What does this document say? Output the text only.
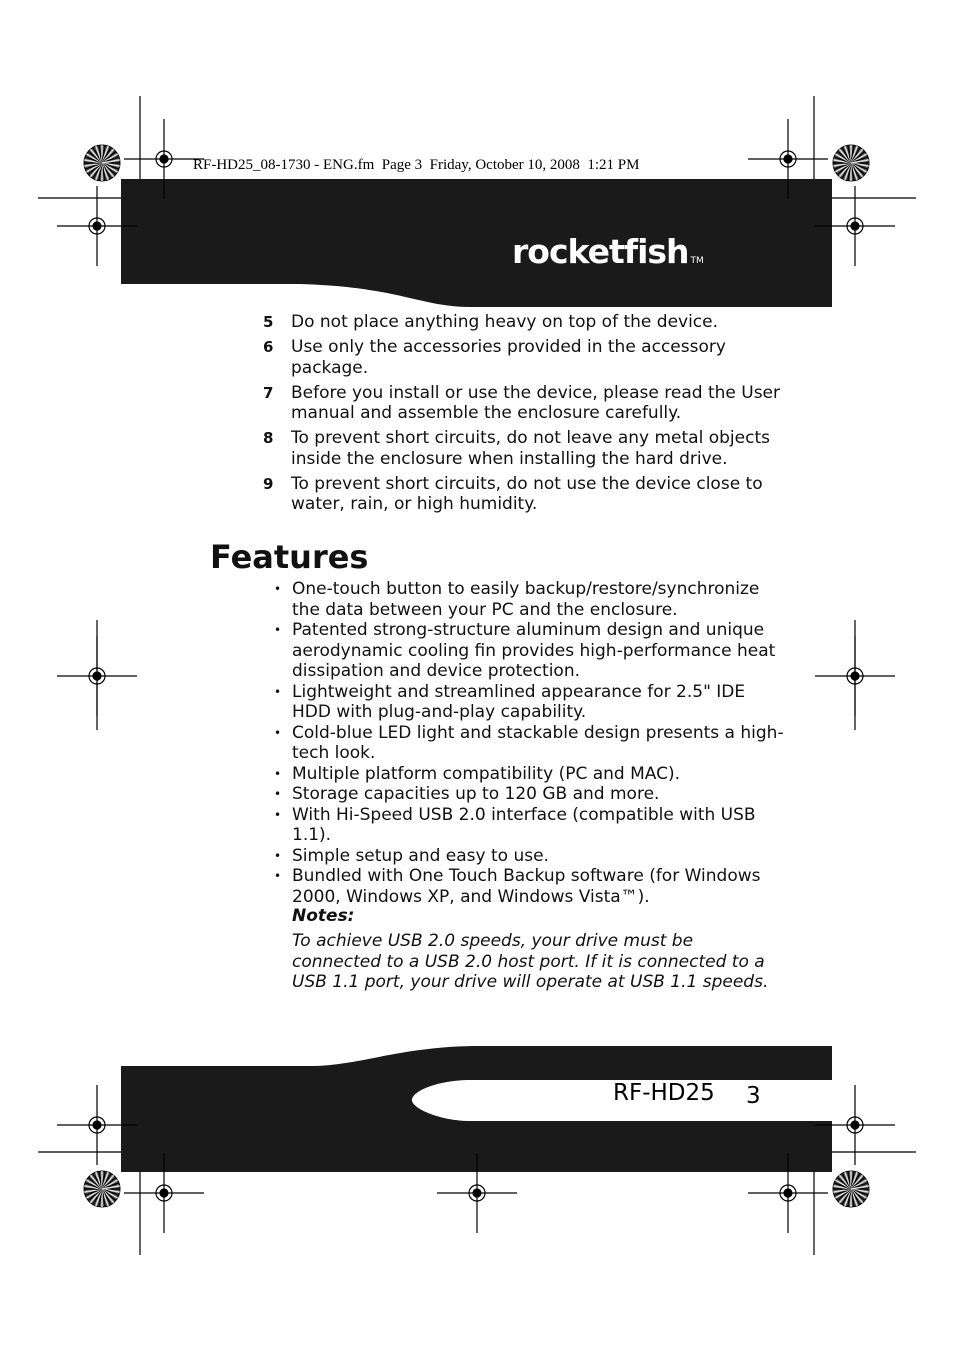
RF-HD25_08-1730 - ENG.fm  Page 3  Friday, October 10, 2008  1:21 PM
rocketfish TM
5	Do not place anything heavy on top of the device.
6	Use only the accessories provided in the accessory package.
7	Before you install or use the device, please read the User manual and assemble the enclosure carefully.
8	To prevent short circuits, do not leave any metal objects inside the enclosure when installing the hard drive.
9	To prevent short circuits, do not use the device close to water, rain, or high humidity.
Features
• One-touch button to easily backup/restore/synchronize the data between your PC and the enclosure.
• Patented strong-structure aluminum design and unique aerodynamic cooling fin provides high-performance heat dissipation and device protection.
• Lightweight and streamlined appearance for 2.5" IDE HDD with plug-and-play capability.
• Cold-blue LED light and stackable design presents a high-tech look.
• Multiple platform compatibility (PC and MAC).
• Storage capacities up to 120 GB and more.
• With Hi-Speed USB 2.0 interface (compatible with USB 1.1).
• Simple setup and easy to use.
• Bundled with One Touch Backup software (for Windows 2000, Windows XP, and Windows Vista™).
Notes:
To achieve USB 2.0 speeds, your drive must be connected to a USB 2.0 host port. If it is connected to a USB 1.1 port, your drive will operate at USB 1.1 speeds.
RF-HD25 3
